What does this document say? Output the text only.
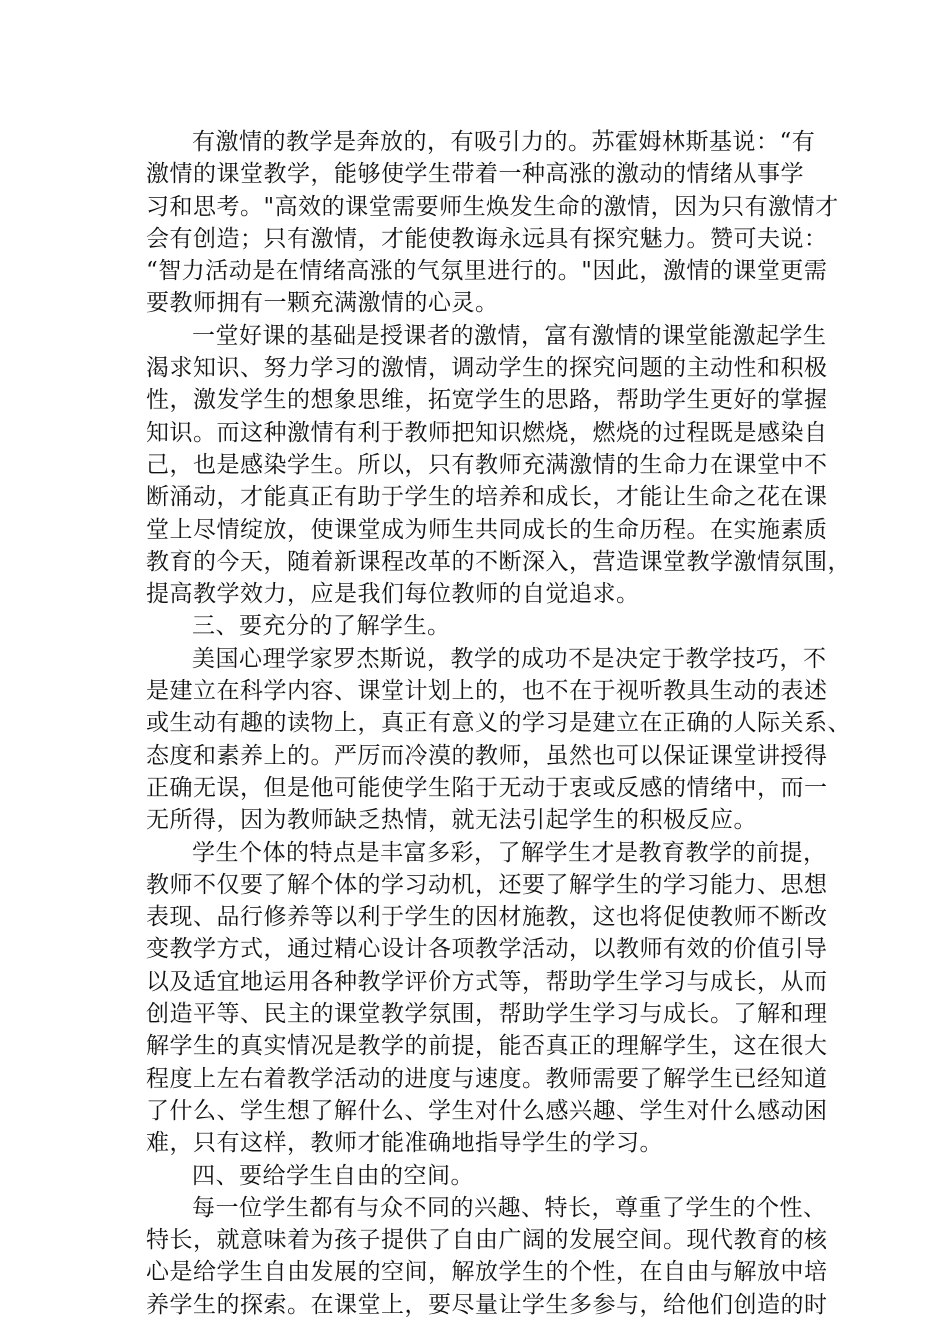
有激情的教学是奔放的，有吸引力的。苏霍姆林斯基说：“有
激情的课堂教学，能够使学生带着一种高涨的激动的情绪从事学
习和思考。"高效的课堂需要师生焕发生命的激情，因为只有激情才
会有创造；只有激情，才能使教诲永远具有探究魅力。赞可夫说：
“智力活动是在情绪高涨的气氛里进行的。"因此，激情的课堂更需
要教师拥有一颗充满激情的心灵。
一堂好课的基础是授课者的激情，富有激情的课堂能激起学生
渴求知识、努力学习的激情，调动学生的探究问题的主动性和积极
性，激发学生的想象思维，拓宽学生的思路，帮助学生更好的掌握
知识。而这种激情有利于教师把知识燃烧，燃烧的过程既是感染自
己，也是感染学生。所以，只有教师充满激情的生命力在课堂中不
断涌动，才能真正有助于学生的培养和成长，才能让生命之花在课
堂上尽情绽放，使课堂成为师生共同成长的生命历程。在实施素质
教育的今天，随着新课程改革的不断深入，营造课堂教学激情氛围，
提高教学效力，应是我们每位教师的自觉追求。
三、要充分的了解学生。
美国心理学家罗杰斯说，教学的成功不是决定于教学技巧，不
是建立在科学内容、课堂计划上的，也不在于视听教具生动的表述
或生动有趣的读物上，真正有意义的学习是建立在正确的人际关系、
态度和素养上的。严厉而冷漠的教师，虽然也可以保证课堂讲授得
正确无误，但是他可能使学生陷于无动于衷或反感的情绪中，而一
无所得，因为教师缺乏热情，就无法引起学生的积极反应。
学生个体的特点是丰富多彩，了解学生才是教育教学的前提，
教师不仅要了解个体的学习动机，还要了解学生的学习能力、思想
表现、品行修养等以利于学生的因材施教，这也将促使教师不断改
变教学方式，通过精心设计各项教学活动，以教师有效的价值引导
以及适宜地运用各种教学评价方式等，帮助学生学习与成长，从而
创造平等、民主的课堂教学氛围，帮助学生学习与成长。了解和理
解学生的真实情况是教学的前提，能否真正的理解学生，这在很大
程度上左右着教学活动的进度与速度。教师需要了解学生已经知道
了什么、学生想了解什么、学生对什么感兴趣、学生对什么感动困
难，只有这样，教师才能准确地指导学生的学习。
四、要给学生自由的空间。
每一位学生都有与众不同的兴趣、特长，尊重了学生的个性、
特长，就意味着为孩子提供了自由广阔的发展空间。现代教育的核
心是给学生自由发展的空间，解放学生的个性，在自由与解放中培
养学生的探索。在课堂上，要尽量让学生多参与，给他们创造的时
